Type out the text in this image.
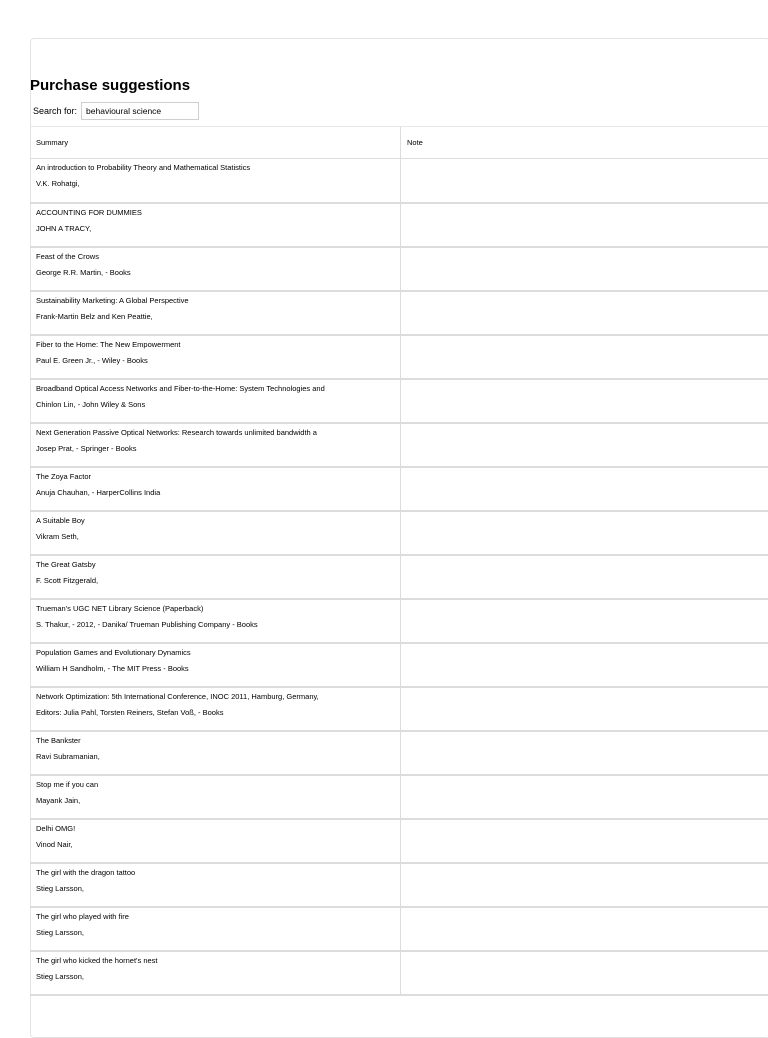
Purchase suggestions
Search for:
behavioural science
Summary	Note

An introduction to Probability Theory and Mathematical Statistics
V.K. Rohatgi,	

ACCOUNTING FOR DUMMIES
JOHN A TRACY,	

Feast of the Crows
George R.R. Martin, - Books	

Sustainability Marketing: A Global Perspective
Frank-Martin Belz and Ken Peattie,	

Fiber to the Home: The New Empowerment
Paul E. Green Jr., - Wiley - Books	

Broadband Optical Access Networks and Fiber-to-the-Home: System Technologies and
Chinlon Lin, - John Wiley & Sons	

Next Generation Passive Optical Networks: Research towards unlimited bandwidth a
Josep Prat, - Springer - Books	

The Zoya Factor
Anuja Chauhan, - HarperCollins India	

A Suitable Boy
Vikram Seth,	

The Great Gatsby
F. Scott Fitzgerald,	

Trueman's UGC NET Library Science (Paperback)
S. Thakur, - 2012, - Danika/ Trueman Publishing Company - Books	

Population Games and Evolutionary Dynamics
William H Sandholm, - The MIT Press - Books	

Network Optimization: 5th International Conference, INOC 2011, Hamburg, Germany,
Editors: Julia Pahl, Torsten Reiners, Stefan Voß, - Books	

The Bankster
Ravi Subramanian,	

Stop me if you can
Mayank Jain,	

Delhi OMG!
Vinod Nair,	

The girl with the dragon tattoo
Stieg Larsson,	

The girl who played with fire
Stieg Larsson,	

The girl who kicked the hornet's nest
Stieg Larsson,	
